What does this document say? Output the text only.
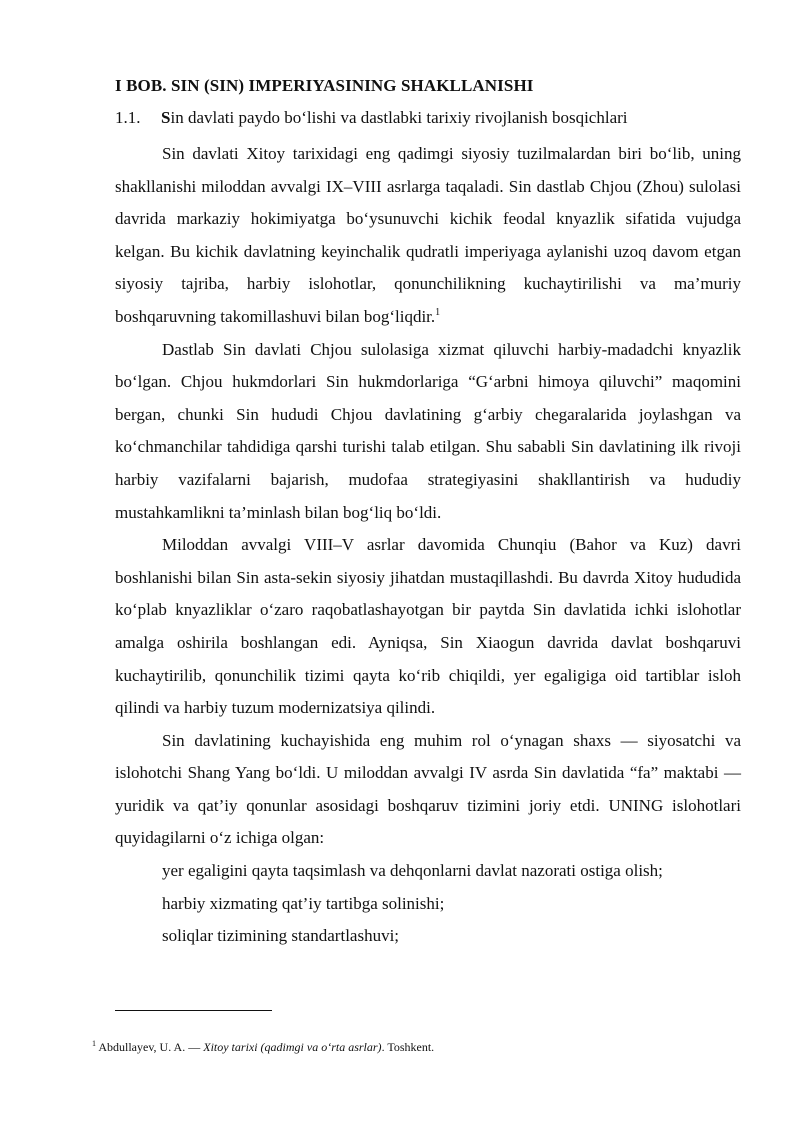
I BOB. SIN (SIN) IMPERIYASINING SHAKLLANISHI
1.1. Sin davlati paydo bo‘lishi va dastlabki tarixiy rivojlanish bosqichlari

Sin davlati Xitoy tarixidagi eng qadimgi siyosiy tuzilmalardan biri bo‘lib, uning shakllanishi miloddan avvalgi IX–VIII asrlarga taqaladi. Sin dastlab Chjou (Zhou) sulolasi davrida markaziy hokimiyatga bo‘ysunuvchi kichik feodal knyazlik sifatida vujudga kelgan. Bu kichik davlatning keyinchalik qudratli imperiyaga aylanishi uzoq davom etgan siyosiy tajriba, harbiy islohotlar, qonunchilikning kuchaytirilishi va ma’muriy boshqaruvning takomillashuvi bilan bog‘liqdir.$^1$

Dastlab Sin davlati Chjou sulolasiga xizmat qiluvchi harbiy-madadchi knyazlik bo‘lgan. Chjou hukmdorlari Sin hukmdorlariga “G‘arbni himoya qiluvchi” maqomini bergan, chunki Sin hududi Chjou davlatining g‘arbiy chegaralarida joylashgan va ko‘chmanchilar tahdidiga qarshi turishi talab etilgan. Shu sababli Sin davlatining ilk rivoji harbiy vazifalarni bajarish, mudofaa strategiyasini shakllantirish va hududiy mustahkamlikni ta’minlash bilan bog‘liq bo‘ldi.

Miloddan avvalgi VIII–V asrlar davomida Chunqiu (Bahor va Kuz) davri boshlanishi bilan Sin asta-sekin siyosiy jihatdan mustaqillashdi. Bu davrda Xitoy hududida ko‘plab knyazliklar o‘zaro raqobatlashayotgan bir paytda Sin davlatida ichki islohotlar amalga oshirila boshlangan edi. Ayniqsa, Sin Xiaogun davrida davlat boshqaruvi kuchaytirilib, qonunchilik tizimi qayta ko‘rib chiqildi, yer egaligiga oid tartiblar isloh qilindi va harbiy tuzum modernizatsiya qilindi.

Sin davlatining kuchayishida eng muhim rol o‘ynagan shaxs — siyosatchi va islohotchi Shang Yang bo‘ldi. U miloddan avvalgi IV asrda Sin davlatida “fa” maktabi — yuridik va qat’iy qonunlar asosidagi boshqaruv tizimini joriy etdi. UNING islohotlari quyidagilarni o‘z ichiga olgan:

yer egaligini qayta taqsimlash va dehqonlarni davlat nazorati ostiga olish;

harbiy xizmating qat’iy tartibga solinishi;

soliqlar tizimining standartlashuvi;

$^1$ Abdullayev, U. A. — Xitoy tarixi (qadimgi va o‘rta asrlar). Toshkent.
